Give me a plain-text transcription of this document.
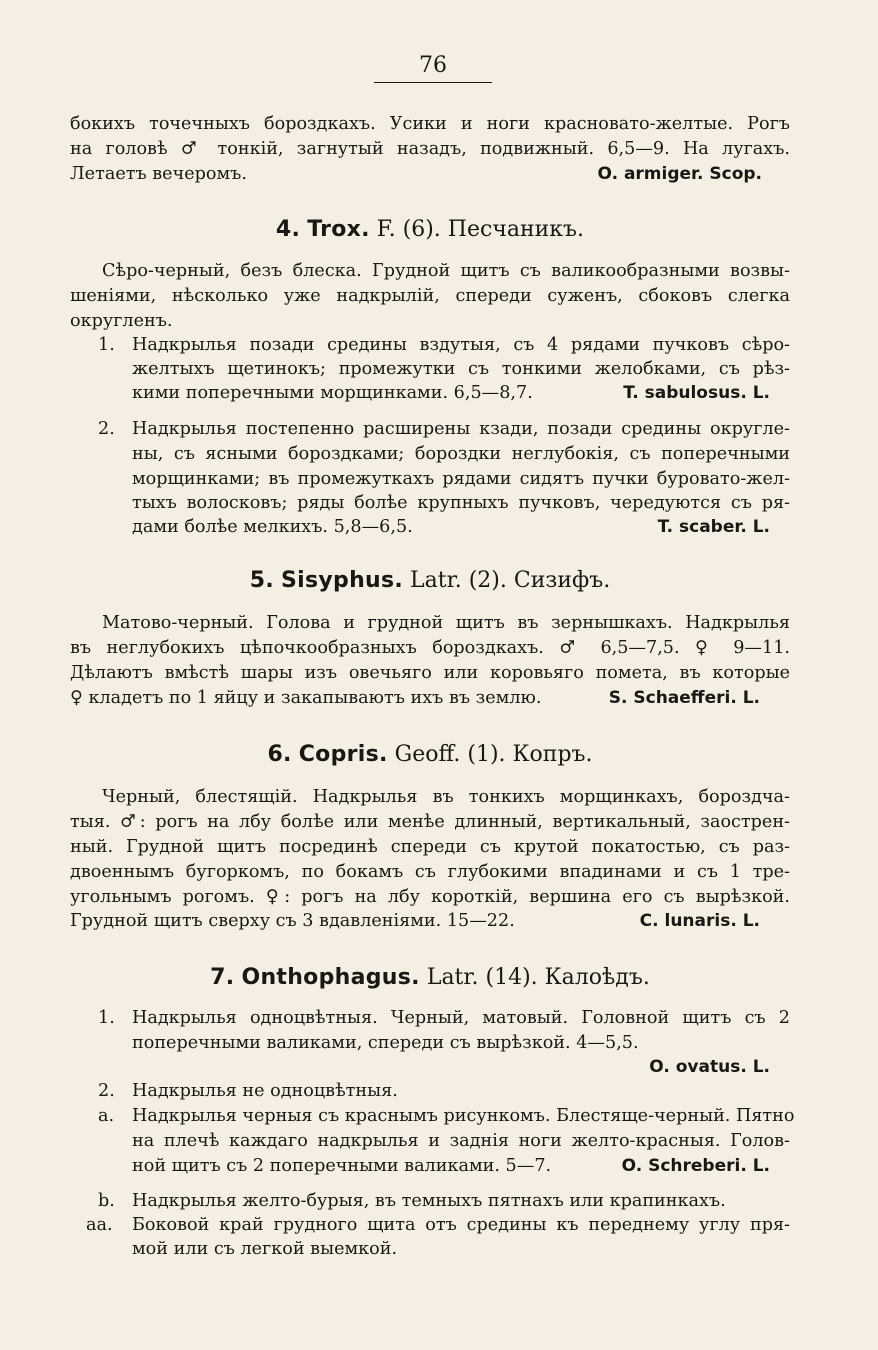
76
бокихъ точечныхъ бороздкахъ. Усики и ноги красновато-желтые. Рогъ
на головѣ ♂ тонкій, загнутый назадъ, подвижный. 6,5—9. На лугахъ.
Летаетъ вечеромъ.	O. armiger. Scop.
4. Trox. F. (6). Песчаникъ.
Сѣро-черный, безъ блеска. Грудной щитъ съ валикообразными возвы-
шеніями, нѣсколько уже надкрылій, спереди суженъ, сбоковъ слегка
округленъ.
1. Надкрылья позади средины вздутыя, съ 4 рядами пучковъ сѣро-
желтыхъ щетинокъ; промежутки съ тонкими желобками, съ рѣз-
кими поперечными морщинками. 6,5—8,7.	T. sabulosus. L.
2. Надкрылья постепенно расширены кзади, позади средины округле-
ны, съ ясными бороздками; бороздки неглубокія, съ поперечными
морщинками; въ промежуткахъ рядами сидятъ пучки буровато-жел-
тыхъ волосковъ; ряды болѣе крупныхъ пучковъ, чередуются съ ря-
дами болѣе мелкихъ. 5,8—6,5.	T. scaber. L.
5. Sisyphus. Latr. (2). Сизифъ.
Матово-черный. Голова и грудной щитъ въ зернышкахъ. Надкрылья
въ неглубокихъ цѣпочкообразныхъ бороздкахъ. ♂ 6,5—7,5. ♀ 9—11.
Дѣлаютъ вмѣстѣ шары изъ овечьяго или коровьяго помета, въ которые
♀ кладетъ по 1 яйцу и закапываютъ ихъ въ землю.	S. Schaefferi. L.
6. Copris. Geoff. (1). Копръ.
Черный, блестящій. Надкрылья въ тонкихъ морщинкахъ, бороздча-
тыя. ♂: рогъ на лбу болѣе или менѣе длинный, вертикальный, заострен-
ный. Грудной щитъ посрединѣ спереди съ крутой покатостью, съ раз-
двоеннымъ бугоркомъ, по бокамъ съ глубокими впадинами и съ 1 тре-
угольнымъ рогомъ. ♀: рогъ на лбу короткій, вершина его съ вырѣзкой.
Грудной щитъ сверху съ 3 вдавленіями. 15—22.	C. lunaris. L.
7. Onthophagus. Latr. (14). Калоѣдъ.
1. Надкрылья одноцвѣтныя. Черный, матовый. Головной щитъ съ 2
поперечными валиками, спереди съ вырѣзкой. 4—5,5.
O. ovatus. L.
2. Надкрылья не одноцвѣтныя.
a. Надкрылья черныя съ краснымъ рисункомъ. Блестяще-черный. Пятно
на плечѣ каждаго надкрылья и заднія ноги желто-красныя. Голов-
ной щитъ съ 2 поперечными валиками. 5—7.	O. Schreberi. L.
b. Надкрылья желто-бурыя, въ темныхъ пятнахъ или крапинкахъ.
aa. Боковой край грудного щита отъ средины къ переднему углу пря-
мой или съ легкой выемкой.
